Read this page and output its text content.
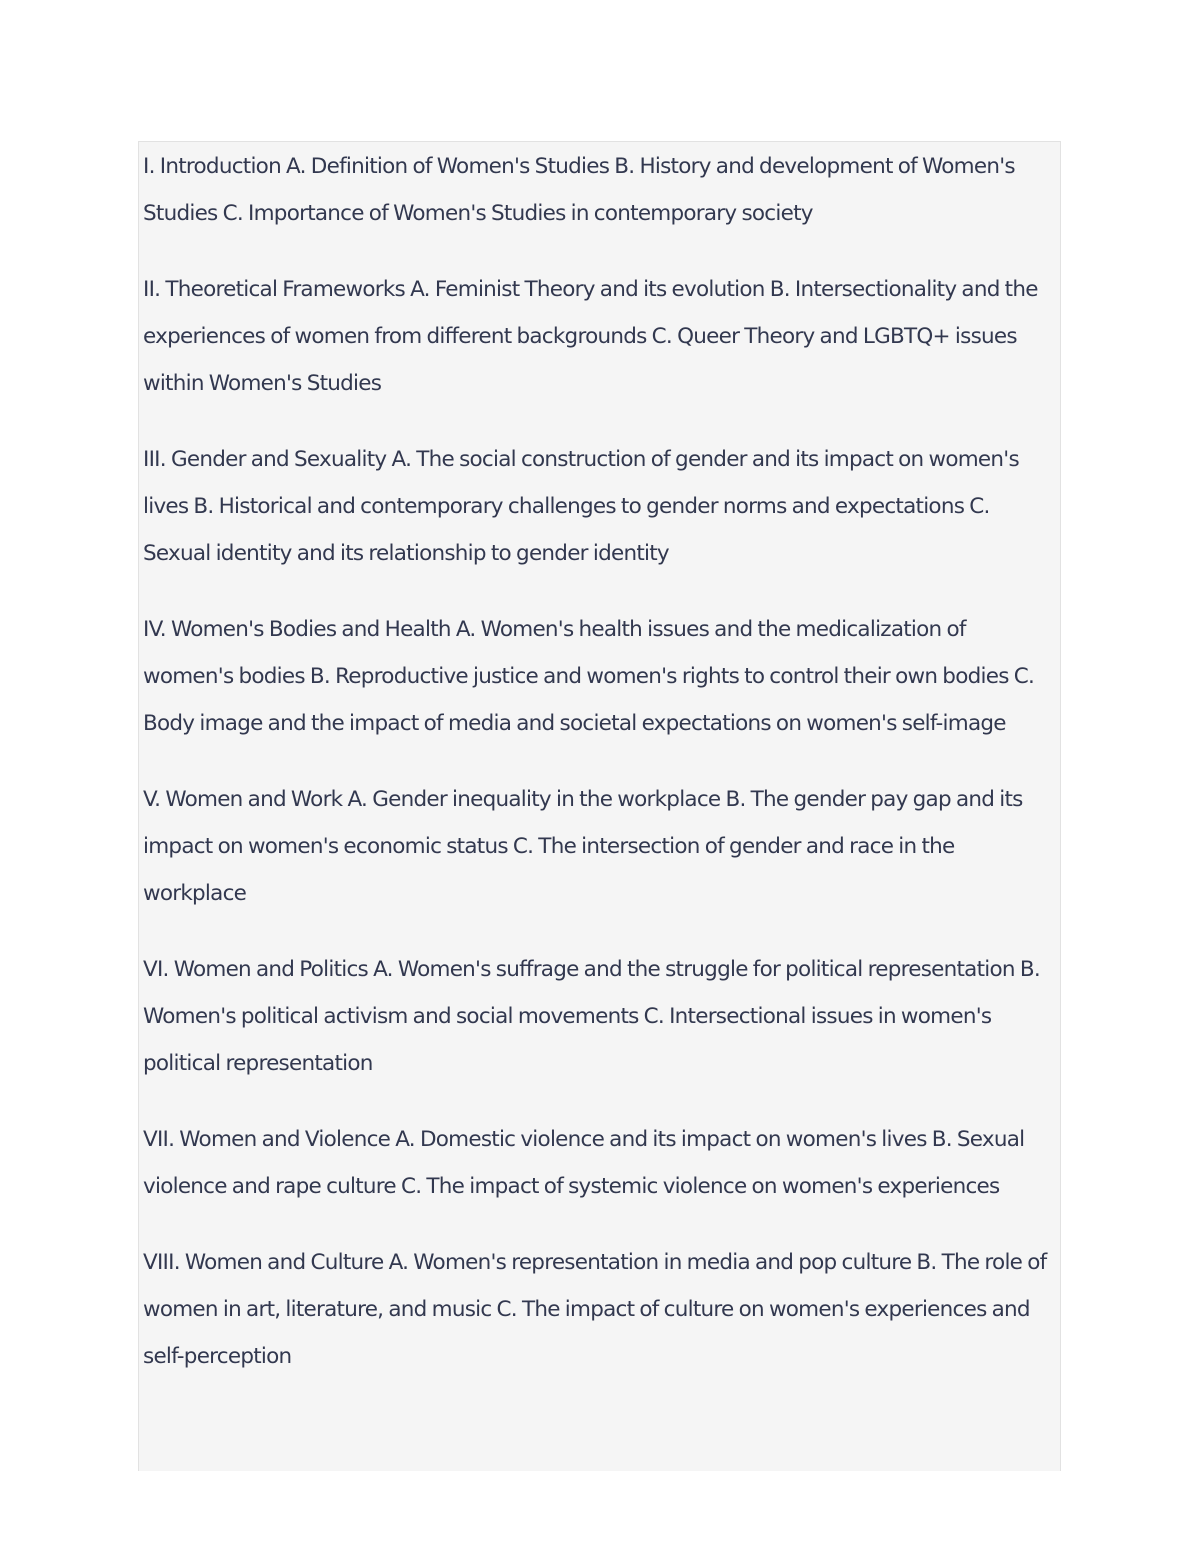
I. Introduction A. Definition of Women's Studies B. History and development of Women's Studies C. Importance of Women's Studies in contemporary society

II. Theoretical Frameworks A. Feminist Theory and its evolution B. Intersectionality and the experiences of women from different backgrounds C. Queer Theory and LGBTQ+ issues within Women's Studies

III. Gender and Sexuality A. The social construction of gender and its impact on women's lives B. Historical and contemporary challenges to gender norms and expectations C. Sexual identity and its relationship to gender identity

IV. Women's Bodies and Health A. Women's health issues and the medicalization of women's bodies B. Reproductive justice and women's rights to control their own bodies C. Body image and the impact of media and societal expectations on women's self-image

V. Women and Work A. Gender inequality in the workplace B. The gender pay gap and its impact on women's economic status C. The intersection of gender and race in the workplace

VI. Women and Politics A. Women's suffrage and the struggle for political representation B. Women's political activism and social movements C. Intersectional issues in women's political representation

VII. Women and Violence A. Domestic violence and its impact on women's lives B. Sexual violence and rape culture C. The impact of systemic violence on women's experiences

VIII. Women and Culture A. Women's representation in media and pop culture B. The role of women in art, literature, and music C. The impact of culture on women's experiences and self-perception
